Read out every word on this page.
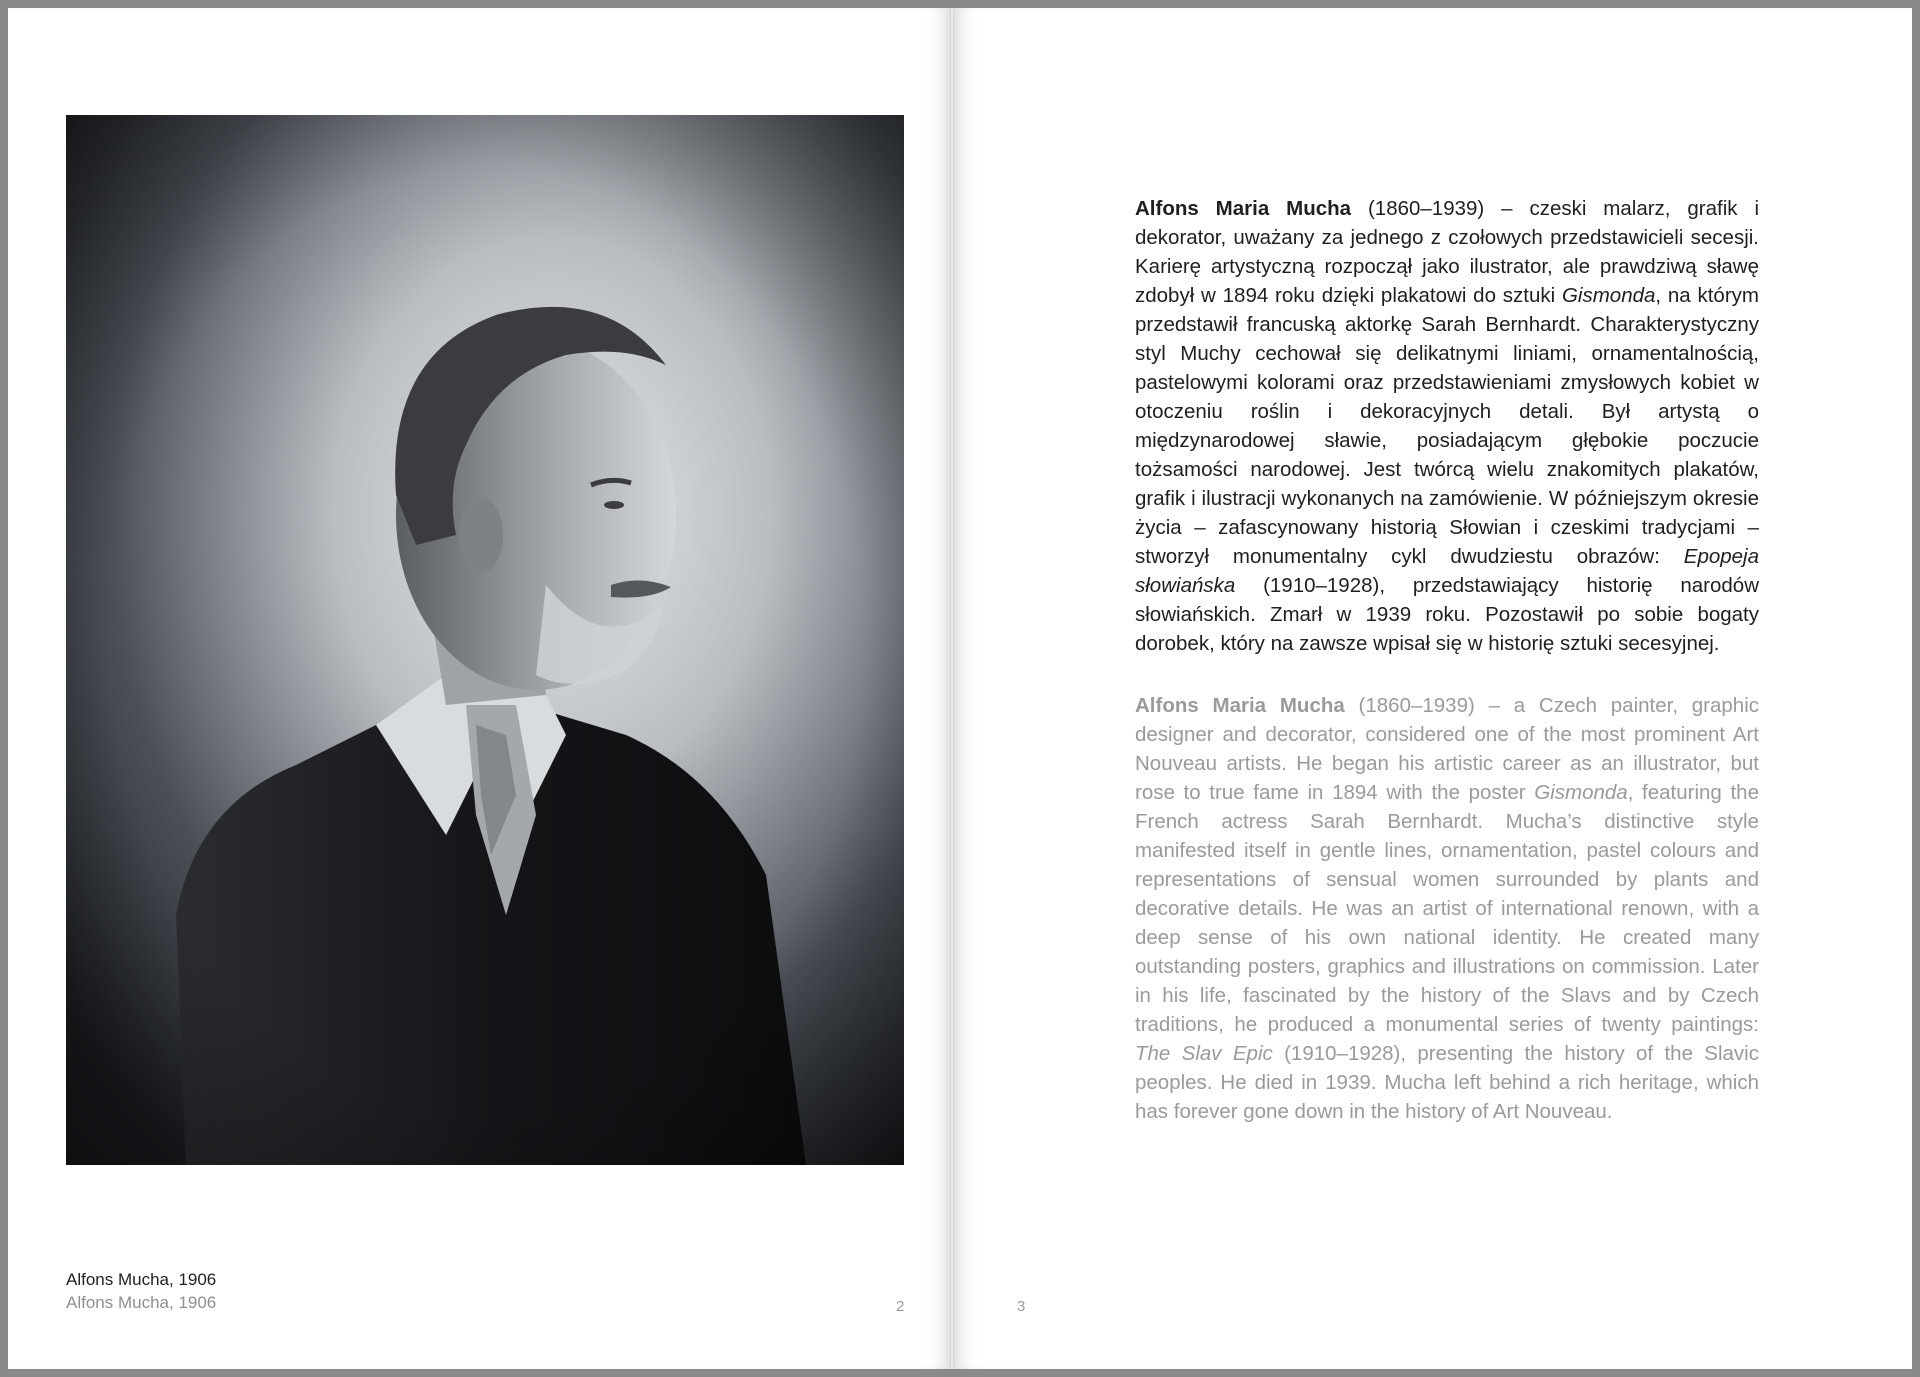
Alfons Mucha, 1906
Alfons Mucha, 1906	2

Alfons Maria Mucha (1860–1939) – czeski malarz, grafik i dekorator, uważany za jednego z czołowych przedstawicieli secesji. Karierę artystyczną rozpoczął jako ilustrator, ale prawdziwą sławę zdobył w 1894 roku dzięki plakatowi do sztuki Gismonda, na którym przedstawił francuską aktorkę Sarah Bernhardt. Charakterystyczny styl Muchy cechował się delikatnymi liniami, ornamentalnością, pastelowymi kolorami oraz przedstawieniami zmysłowych kobiet w otoczeniu roślin i dekoracyjnych detali. Był artystą o międzynarodowej sławie, posiadającym głębokie poczucie tożsamości narodowej. Jest twórcą wielu znakomitych plakatów, grafik i ilustracji wykonanych na zamówienie. W późniejszym okresie życia – zafascynowany historią Słowian i czeskimi tradycjami – stworzył monumentalny cykl dwudziestu obrazów: Epopeja słowiańska (1910–1928), przedstawiający historię narodów słowiańskich. Zmarł w 1939 roku. Pozostawił po sobie bogaty dorobek, który na zawsze wpisał się w historię sztuki secesyjnej.

Alfons Maria Mucha (1860–1939) – a Czech painter, graphic designer and decorator, considered one of the most prominent Art Nouveau artists. He began his artistic career as an illustrator, but rose to true fame in 1894 with the poster Gismonda, featuring the French actress Sarah Bernhardt. Mucha’s distinctive style manifested itself in gentle lines, ornamentation, pastel colours and representations of sensual women surrounded by plants and decorative details. He was an artist of international renown, with a deep sense of his own national identity. He created many outstanding posters, graphics and illustrations on commission. Later in his life, fascinated by the history of the Slavs and by Czech traditions, he produced a monumental series of twenty paintings: The Slav Epic (1910–1928), presenting the history of the Slavic peoples. He died in 1939. Mucha left behind a rich heritage, which has forever gone down in the history of Art Nouveau.

3
